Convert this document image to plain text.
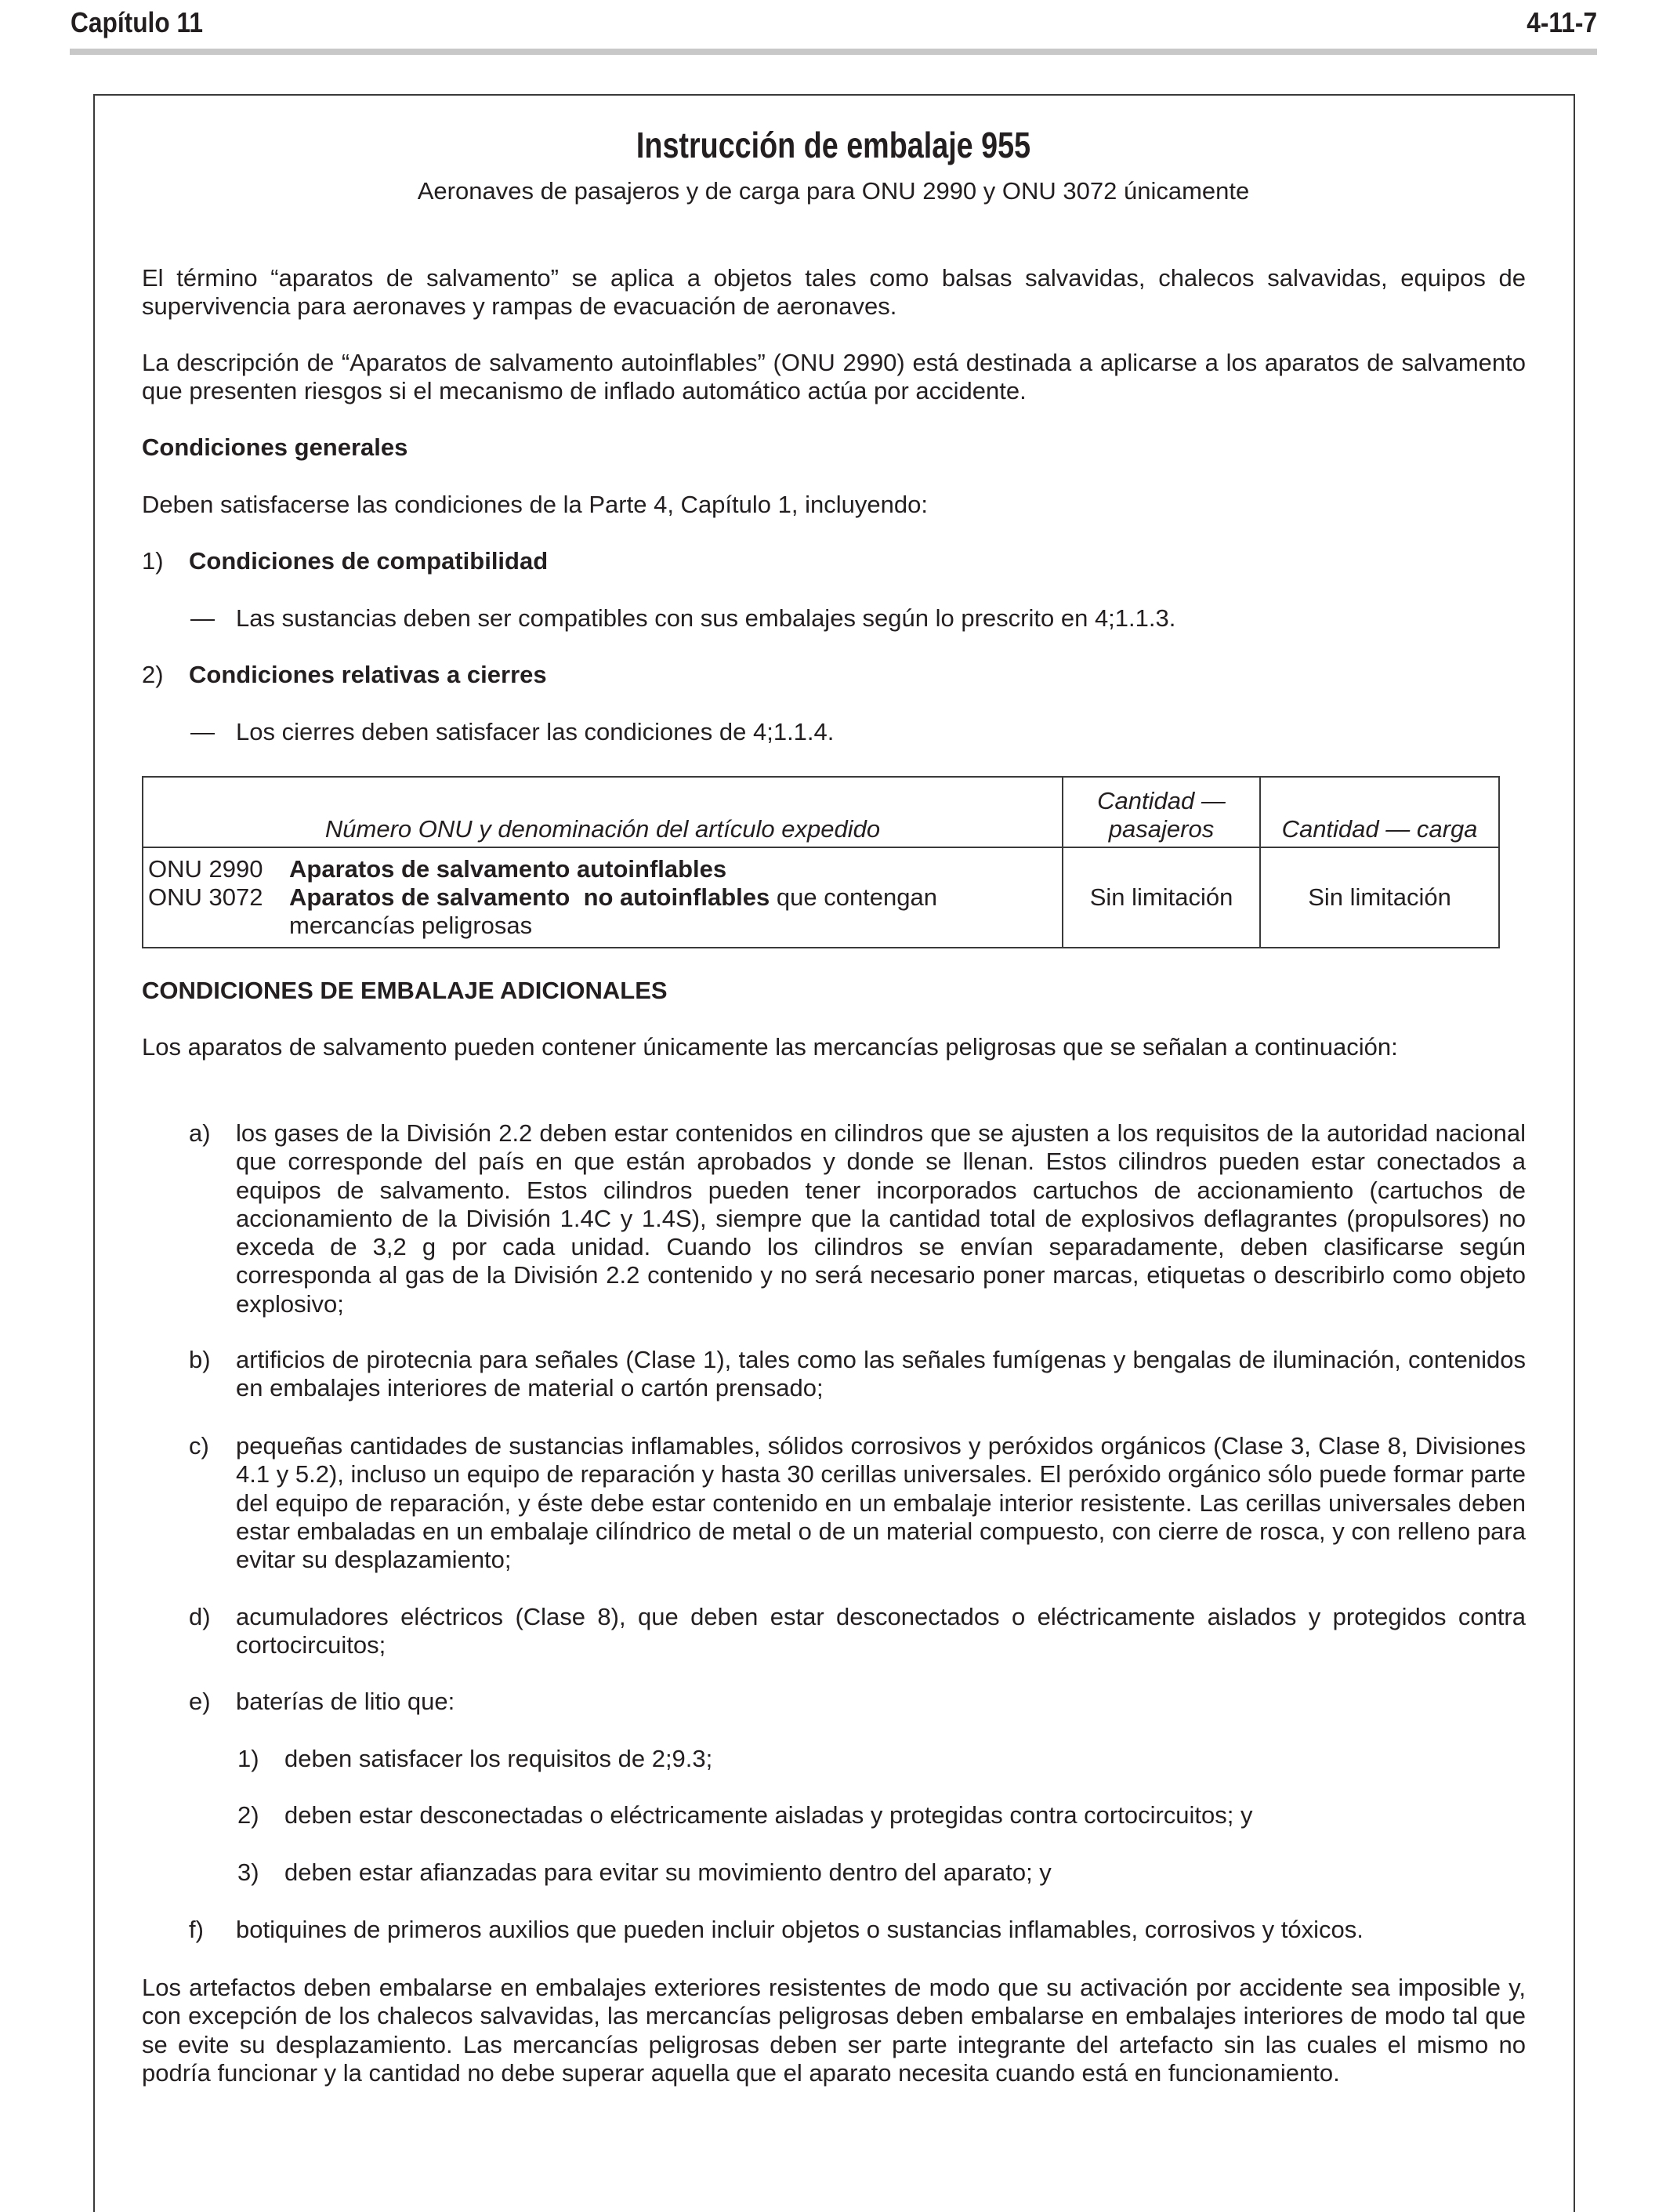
Capítulo 11	4-11-7
Instrucción de embalaje 955
Aeronaves de pasajeros y de carga para ONU 2990 y ONU 3072 únicamente
El término “aparatos de salvamento” se aplica a objetos tales como balsas salvavidas, chalecos salvavidas, equipos de supervivencia para aeronaves y rampas de evacuación de aeronaves.
La descripción de “Aparatos de salvamento autoinflables” (ONU 2990) está destinada a aplicarse a los aparatos de salvamento que presenten riesgos si el mecanismo de inflado automático actúa por accidente.
Condiciones generales
Deben satisfacerse las condiciones de la Parte 4, Capítulo 1, incluyendo:
1) Condiciones de compatibilidad
— Las sustancias deben ser compatibles con sus embalajes según lo prescrito en 4;1.1.3.
2) Condiciones relativas a cierres
— Los cierres deben satisfacer las condiciones de 4;1.1.4.
Número ONU y denominación del artículo expedido	Cantidad — pasajeros	Cantidad — carga

ONU 2990 Aparatos de salvamento autoinflables
ONU 3072 Aparatos de salvamento  no autoinflables que contengan mercancías peligrosas	Sin limitación	Sin limitación
CONDICIONES DE EMBALAJE ADICIONALES
Los aparatos de salvamento pueden contener únicamente las mercancías peligrosas que se señalan a continuación:
a) los gases de la División 2.2 deben estar contenidos en cilindros que se ajusten a los requisitos de la autoridad nacional que corresponde del país en que están aprobados y donde se llenan. Estos cilindros pueden estar conectados a equipos de salvamento. Estos cilindros pueden tener incorporados cartuchos de accionamiento (cartuchos de accionamiento de la División 1.4C y 1.4S), siempre que la cantidad total de explosivos deflagrantes (propulsores) no exceda de 3,2 g por cada unidad. Cuando los cilindros se envían separadamente, deben clasificarse según corresponda al gas de la División 2.2 contenido y no será necesario poner marcas, etiquetas o describirlo como objeto explosivo;
b) artificios de pirotecnia para señales (Clase 1), tales como las señales fumígenas y bengalas de iluminación, contenidos en embalajes interiores de material o cartón prensado;
c) pequeñas cantidades de sustancias inflamables, sólidos corrosivos y peróxidos orgánicos (Clase 3, Clase 8, Divisiones 4.1 y 5.2), incluso un equipo de reparación y hasta 30 cerillas universales. El peróxido orgánico sólo puede formar parte del equipo de reparación, y éste debe estar contenido en un embalaje interior resistente. Las cerillas universales deben estar embaladas en un embalaje cilíndrico de metal o de un material compuesto, con cierre de rosca, y con relleno para evitar su desplazamiento;
d) acumuladores eléctricos (Clase 8), que deben estar desconectados o eléctricamente aislados y protegidos contra cortocircuitos;
e) baterías de litio que:
1) deben satisfacer los requisitos de 2;9.3;
2) deben estar desconectadas o eléctricamente aisladas y protegidas contra cortocircuitos; y
3) deben estar afianzadas para evitar su movimiento dentro del aparato; y
f) botiquines de primeros auxilios que pueden incluir objetos o sustancias inflamables, corrosivos y tóxicos.
Los artefactos deben embalarse en embalajes exteriores resistentes de modo que su activación por accidente sea imposible y, con excepción de los chalecos salvavidas, las mercancías peligrosas deben embalarse en embalajes interiores de modo tal que se evite su desplazamiento. Las mercancías peligrosas deben ser parte integrante del artefacto sin las cuales el mismo no podría funcionar y la cantidad no debe superar aquella que el aparato necesita cuando está en funcionamiento.
